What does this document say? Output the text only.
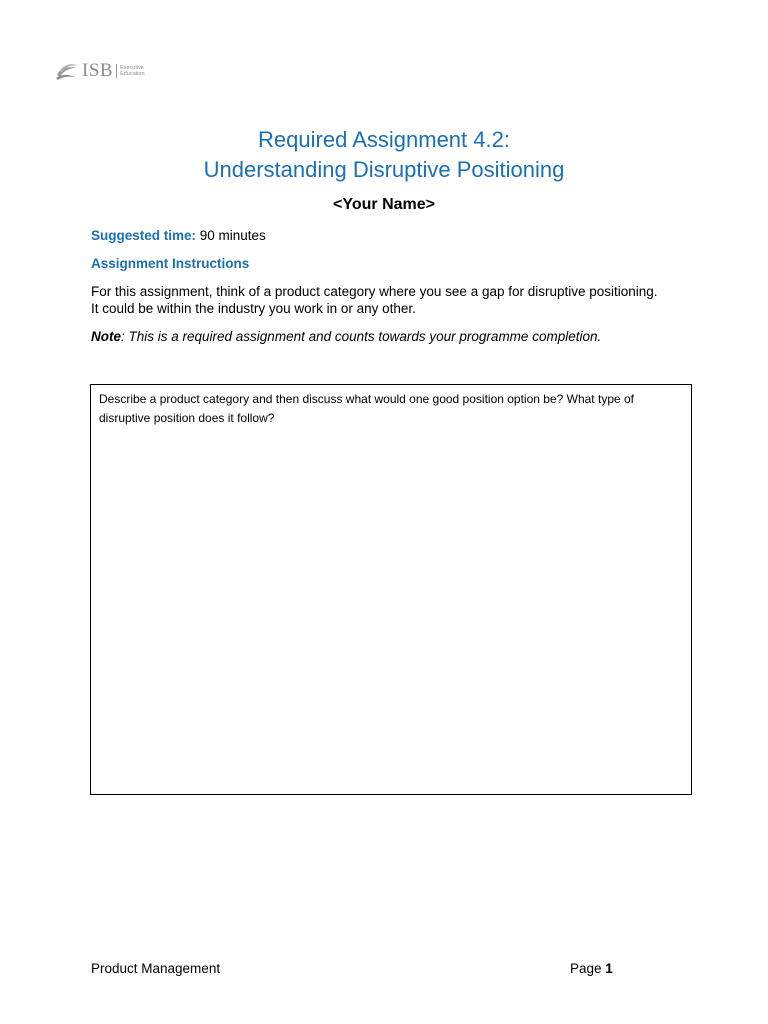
ISB Executive
Education
Required Assignment 4.2:
Understanding Disruptive Positioning
<Your Name>
Suggested time: 90 minutes
Assignment Instructions
For this assignment, think of a product category where you see a gap for disruptive positioning.
It could be within the industry you work in or any other.
Note: This is a required assignment and counts towards your programme completion.
Describe a product category and then discuss what would one good position option be? What type of
disruptive position does it follow?
Product Management	Page 1
